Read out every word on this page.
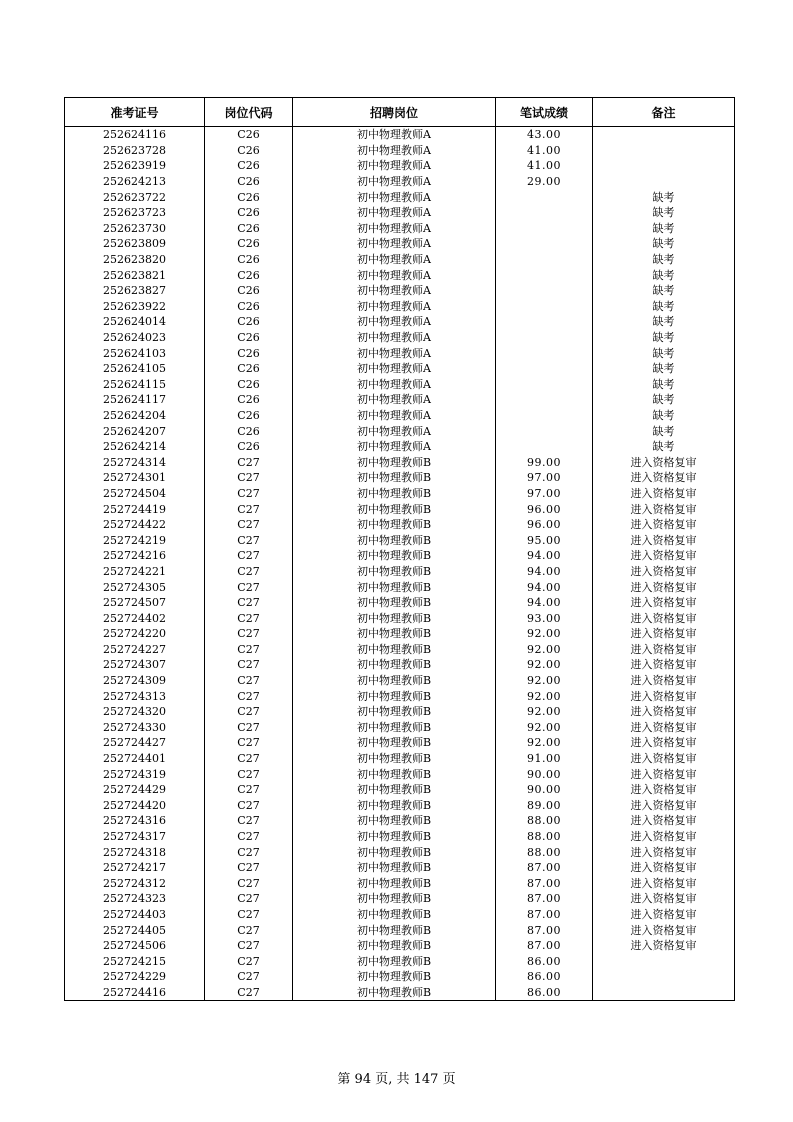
准考证号	岗位代码	招聘岗位	笔试成绩	备注
252624116	C26	初中物理教师A	43.00	
252623728	C26	初中物理教师A	41.00	
252623919	C26	初中物理教师A	41.00	
252624213	C26	初中物理教师A	29.00	
252623722	C26	初中物理教师A		缺考
252623723	C26	初中物理教师A		缺考
252623730	C26	初中物理教师A		缺考
252623809	C26	初中物理教师A		缺考
252623820	C26	初中物理教师A		缺考
252623821	C26	初中物理教师A		缺考
252623827	C26	初中物理教师A		缺考
252623922	C26	初中物理教师A		缺考
252624014	C26	初中物理教师A		缺考
252624023	C26	初中物理教师A		缺考
252624103	C26	初中物理教师A		缺考
252624105	C26	初中物理教师A		缺考
252624115	C26	初中物理教师A		缺考
252624117	C26	初中物理教师A		缺考
252624204	C26	初中物理教师A		缺考
252624207	C26	初中物理教师A		缺考
252624214	C26	初中物理教师A		缺考
252724314	C27	初中物理教师B	99.00	进入资格复审
252724301	C27	初中物理教师B	97.00	进入资格复审
252724504	C27	初中物理教师B	97.00	进入资格复审
252724419	C27	初中物理教师B	96.00	进入资格复审
252724422	C27	初中物理教师B	96.00	进入资格复审
252724219	C27	初中物理教师B	95.00	进入资格复审
252724216	C27	初中物理教师B	94.00	进入资格复审
252724221	C27	初中物理教师B	94.00	进入资格复审
252724305	C27	初中物理教师B	94.00	进入资格复审
252724507	C27	初中物理教师B	94.00	进入资格复审
252724402	C27	初中物理教师B	93.00	进入资格复审
252724220	C27	初中物理教师B	92.00	进入资格复审
252724227	C27	初中物理教师B	92.00	进入资格复审
252724307	C27	初中物理教师B	92.00	进入资格复审
252724309	C27	初中物理教师B	92.00	进入资格复审
252724313	C27	初中物理教师B	92.00	进入资格复审
252724320	C27	初中物理教师B	92.00	进入资格复审
252724330	C27	初中物理教师B	92.00	进入资格复审
252724427	C27	初中物理教师B	92.00	进入资格复审
252724401	C27	初中物理教师B	91.00	进入资格复审
252724319	C27	初中物理教师B	90.00	进入资格复审
252724429	C27	初中物理教师B	90.00	进入资格复审
252724420	C27	初中物理教师B	89.00	进入资格复审
252724316	C27	初中物理教师B	88.00	进入资格复审
252724317	C27	初中物理教师B	88.00	进入资格复审
252724318	C27	初中物理教师B	88.00	进入资格复审
252724217	C27	初中物理教师B	87.00	进入资格复审
252724312	C27	初中物理教师B	87.00	进入资格复审
252724323	C27	初中物理教师B	87.00	进入资格复审
252724403	C27	初中物理教师B	87.00	进入资格复审
252724405	C27	初中物理教师B	87.00	进入资格复审
252724506	C27	初中物理教师B	87.00	进入资格复审
252724215	C27	初中物理教师B	86.00	
252724229	C27	初中物理教师B	86.00	
252724416	C27	初中物理教师B	86.00	
第 94 页, 共 147 页
